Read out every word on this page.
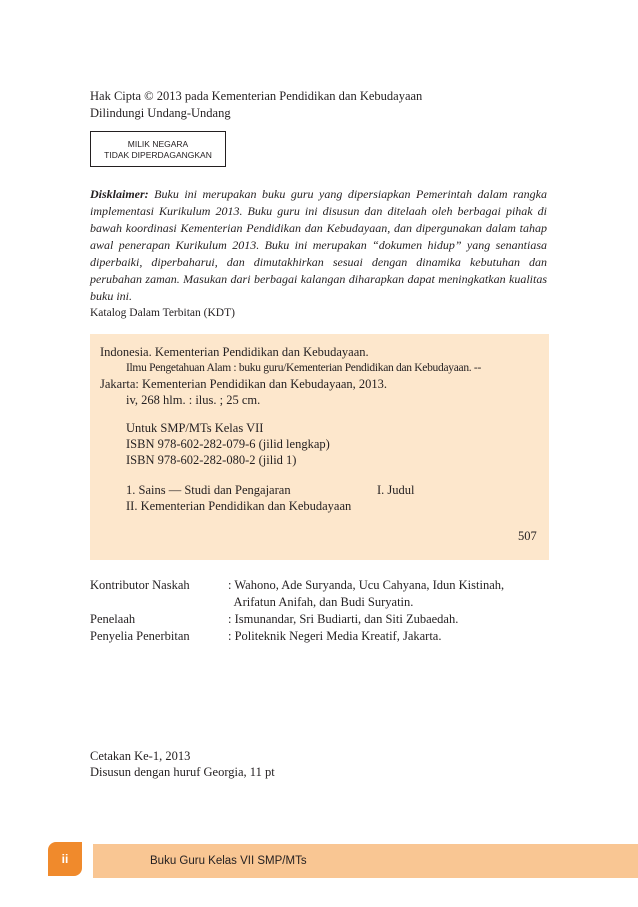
Hak Cipta © 2013 pada Kementerian Pendidikan dan Kebudayaan
Dilindungi Undang-Undang
MILIK NEGARA
TIDAK DIPERDAGANGKAN
Disklaimer: Buku ini merupakan buku guru yang dipersiapkan Pemerintah dalam rangka implementasi Kurikulum 2013. Buku guru ini disusun dan ditelaah oleh berbagai pihak di bawah koordinasi Kementerian Pendidikan dan Kebudayaan, dan dipergunakan dalam tahap awal penerapan Kurikulum 2013. Buku ini merupakan “dokumen hidup” yang senantiasa diperbaiki, diperbaharui, dan dimutakhirkan sesuai dengan dinamika kebutuhan dan perubahan zaman. Masukan dari berbagai kalangan diharapkan dapat meningkatkan kualitas buku ini.
Katalog Dalam Terbitan (KDT)
Indonesia. Kementerian Pendidikan dan Kebudayaan.
Ilmu Pengetahuan Alam : buku guru/Kementerian Pendidikan dan Kebudayaan. --
Jakarta: Kementerian Pendidikan dan Kebudayaan, 2013.
iv, 268 hlm. : ilus. ; 25 cm.
Untuk SMP/MTs Kelas VII
ISBN 978-602-282-079-6 (jilid lengkap)
ISBN 978-602-282-080-2 (jilid 1)
1. Sains — Studi dan Pengajaran	I. Judul
II. Kementerian Pendidikan dan Kebudayaan
507
Kontributor Naskah	: Wahono, Ade Suryanda, Ucu Cahyana, Idun Kistinah,
Arifatun Anifah, dan Budi Suryatin.
Penelaah	: Ismunandar, Sri Budiarti, dan Siti Zubaedah.
Penyelia Penerbitan	: Politeknik Negeri Media Kreatif, Jakarta.
Cetakan Ke-1, 2013
Disusun dengan huruf Georgia, 11 pt
ii	Buku Guru Kelas VII SMP/MTs
